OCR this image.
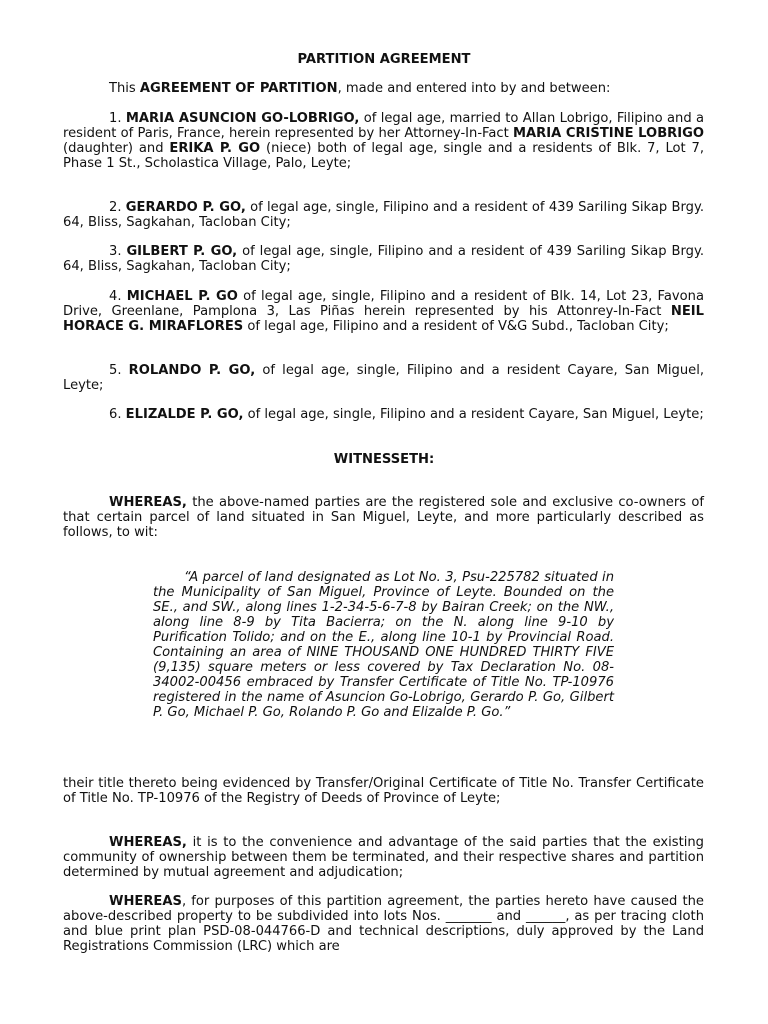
PARTITION AGREEMENT
This AGREEMENT OF PARTITION, made and entered into by and between:
1. MARIA ASUNCION GO-LOBRIGO, of legal age, married to Allan Lobrigo, Filipino and a resident of Paris, France, herein represented by her Attorney-In-Fact MARIA CRISTINE LOBRIGO (daughter) and ERIKA P. GO (niece) both of legal age, single and a residents of Blk. 7, Lot 7, Phase 1 St., Scholastica Village, Palo, Leyte;
2. GERARDO P. GO, of legal age, single, Filipino and a resident of 439 Sariling Sikap Brgy. 64, Bliss, Sagkahan, Tacloban City;
3. GILBERT P. GO, of legal age, single, Filipino and a resident of 439 Sariling Sikap Brgy. 64, Bliss, Sagkahan, Tacloban City;
4. MICHAEL P. GO of legal age, single, Filipino and a resident of Blk. 14, Lot 23, Favona Drive, Greenlane, Pamplona 3, Las Piñas herein represented by his Attonrey-In-Fact NEIL HORACE G. MIRAFLORES of legal age, Filipino and a resident of V&G Subd., Tacloban City;
5. ROLANDO P. GO, of legal age, single, Filipino and a resident Cayare, San Miguel, Leyte;
6. ELIZALDE P. GO, of legal age, single, Filipino and a resident Cayare, San Miguel, Leyte;
WITNESSETH:
WHEREAS, the above-named parties are the registered sole and exclusive co-owners of that certain parcel of land situated in San Miguel, Leyte, and more particularly described as follows, to wit:
“A parcel of land designated as Lot No. 3, Psu-225782 situated in the Municipality of San Miguel, Province of Leyte. Bounded on the SE., and SW., along lines 1-2-34-5-6-7-8 by Bairan Creek; on the NW., along line 8-9 by Tita Bacierra; on the N. along line 9-10 by Purification Tolido; and on the E., along line 10-1 by Provincial Road. Containing an area of NINE THOUSAND ONE HUNDRED THIRTY FIVE (9,135) square meters or less covered by Tax Declaration No. 08-34002-00456 embraced by Transfer Certificate of Title No. TP-10976 registered in the name of Asuncion Go-Lobrigo, Gerardo P. Go, Gilbert P. Go, Michael P. Go, Rolando P. Go and Elizalde P. Go.”
their title thereto being evidenced by Transfer/Original Certificate of Title No. Transfer Certificate of Title No. TP-10976 of the Registry of Deeds of Province of Leyte;
WHEREAS, it is to the convenience and advantage of the said parties that the existing community of ownership between them be terminated, and their respective shares and partition determined by mutual agreement and adjudication;
WHEREAS, for purposes of this partition agreement, the parties hereto have caused the above-described property to be subdivided into lots Nos. _______ and ______, as per tracing cloth and blue print plan PSD-08-044766-D and technical descriptions, duly approved by the Land Registrations Commission (LRC) which are
